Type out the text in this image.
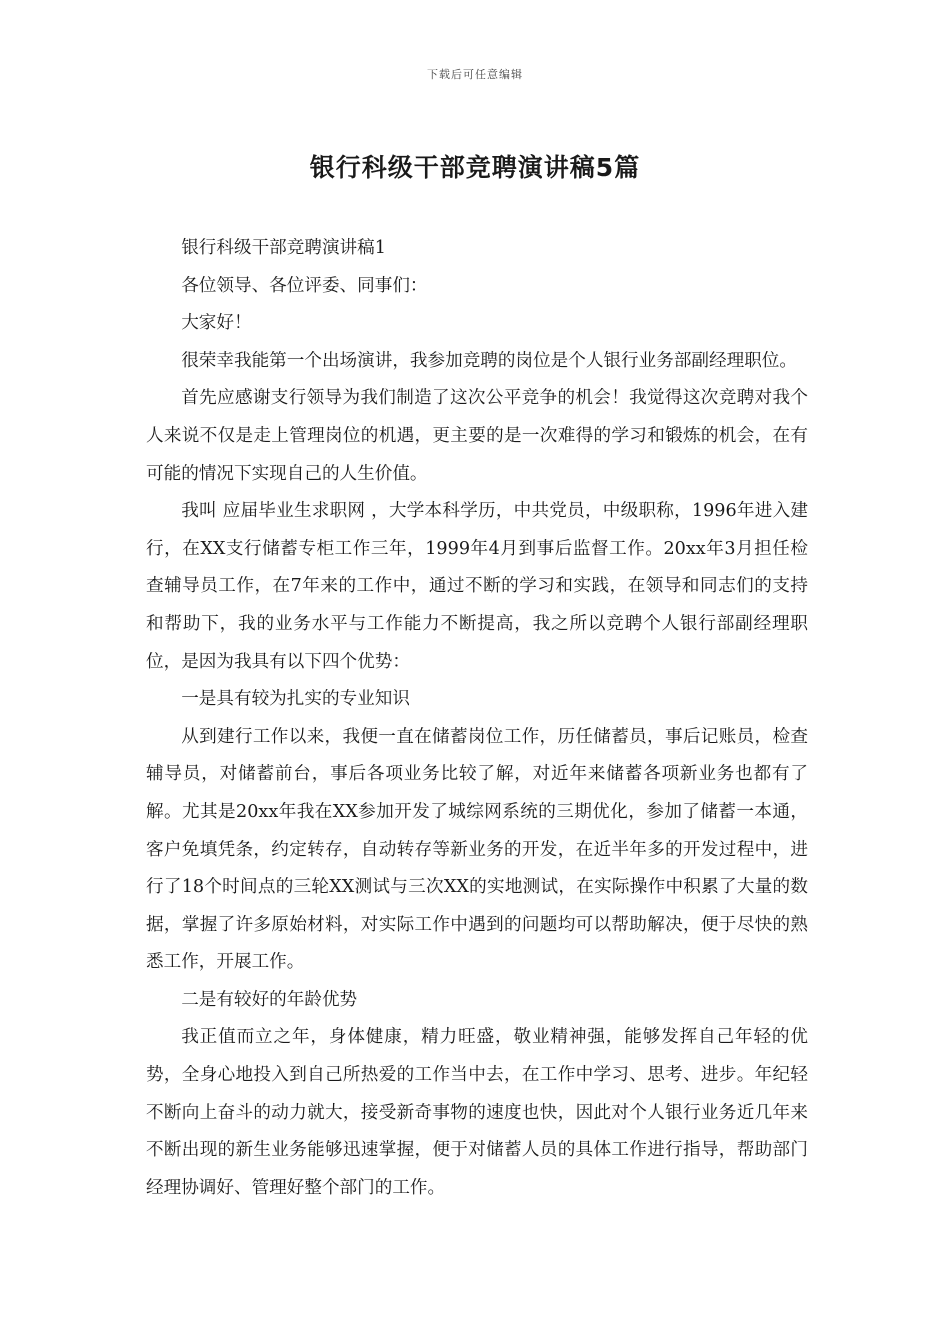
下载后可任意编辑
银行科级干部竞聘演讲稿5篇

银行科级干部竞聘演讲稿1

各位领导、各位评委、同事们：

大家好！

很荣幸我能第一个出场演讲，我参加竞聘的岗位是个人银行业务部副经理职位。

首先应感谢支行领导为我们制造了这次公平竞争的机会！我觉得这次竞聘对我个人来说不仅是走上管理岗位的机遇，更主要的是一次难得的学习和锻炼的机会，在有可能的情况下实现自己的人生价值。

我叫 应届毕业生求职网 ，大学本科学历，中共党员，中级职称，1996年进入建行，在XX支行储蓄专柜工作三年，1999年4月到事后监督工作。20xx年3月担任检查辅导员工作，在7年来的工作中，通过不断的学习和实践，在领导和同志们的支持和帮助下，我的业务水平与工作能力不断提高，我之所以竞聘个人银行部副经理职位，是因为我具有以下四个优势：

一是具有较为扎实的专业知识

从到建行工作以来，我便一直在储蓄岗位工作，历任储蓄员，事后记账员，检查辅导员，对储蓄前台，事后各项业务比较了解，对近年来储蓄各项新业务也都有了解。尤其是20xx年我在XX参加开发了城综网系统的三期优化，参加了储蓄一本通，客户免填凭条，约定转存，自动转存等新业务的开发，在近半年多的开发过程中，进行了18个时间点的三轮XX测试与三次XX的实地测试，在实际操作中积累了大量的数据，掌握了许多原始材料，对实际工作中遇到的问题均可以帮助解决，便于尽快的熟悉工作，开展工作。

二是有较好的年龄优势

我正值而立之年，身体健康，精力旺盛，敬业精神强，能够发挥自己年轻的优势，全身心地投入到自己所热爱的工作当中去，在工作中学习、思考、进步。年纪轻不断向上奋斗的动力就大，接受新奇事物的速度也快，因此对个人银行业务近几年来不断出现的新生业务能够迅速掌握，便于对储蓄人员的具体工作进行指导，帮助部门经理协调好、管理好整个部门的工作。
